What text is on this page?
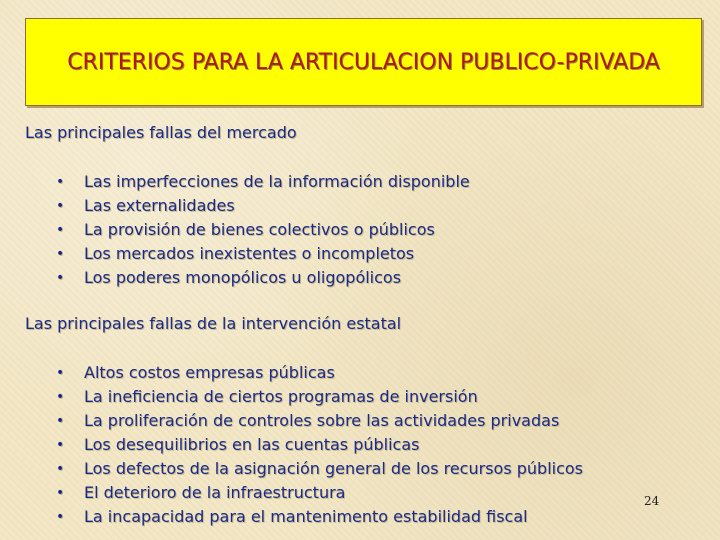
CRITERIOS PARA LA ARTICULACION PUBLICO-PRIVADA

Las principales fallas del mercado

• Las imperfecciones de la información disponible
• Las externalidades
• La provisión de bienes colectivos o públicos
• Los mercados inexistentes o incompletos
• Los poderes monopólicos u oligopólicos

Las principales fallas de la intervención estatal

• Altos costos empresas públicas
• La ineficiencia de ciertos programas de inversión
• La proliferación de controles sobre las actividades privadas
• Los desequilibrios en las cuentas públicas
• Los defectos de la asignación general de los recursos públicos
• El deterioro de la infraestructura
• La incapacidad para el mantenimento estabilidad fiscal
24
